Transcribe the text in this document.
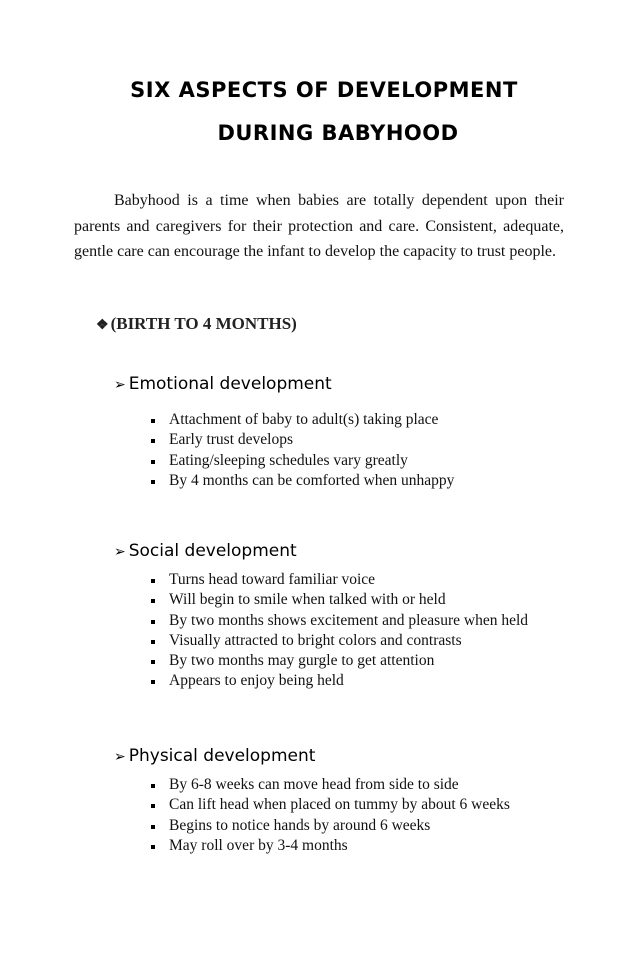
SIX ASPECTS OF DEVELOPMENT
DURING BABYHOOD

Babyhood is a time when babies are totally dependent upon their parents and caregivers for their protection and care. Consistent, adequate, gentle care can encourage the infant to develop the capacity to trust people.

❖ (BIRTH TO 4 MONTHS)
➢ Emotional development
Attachment of baby to adult(s) taking place
Early trust develops
Eating/sleeping schedules vary greatly
By 4 months can be comforted when unhappy
➢ Social development
Turns head toward familiar voice
Will begin to smile when talked with or held
By two months shows excitement and pleasure when held
Visually attracted to bright colors and contrasts
By two months may gurgle to get attention
Appears to enjoy being held
➢ Physical development
By 6-8 weeks can move head from side to side
Can lift head when placed on tummy by about 6 weeks
Begins to notice hands by around 6 weeks
May roll over by 3-4 months
